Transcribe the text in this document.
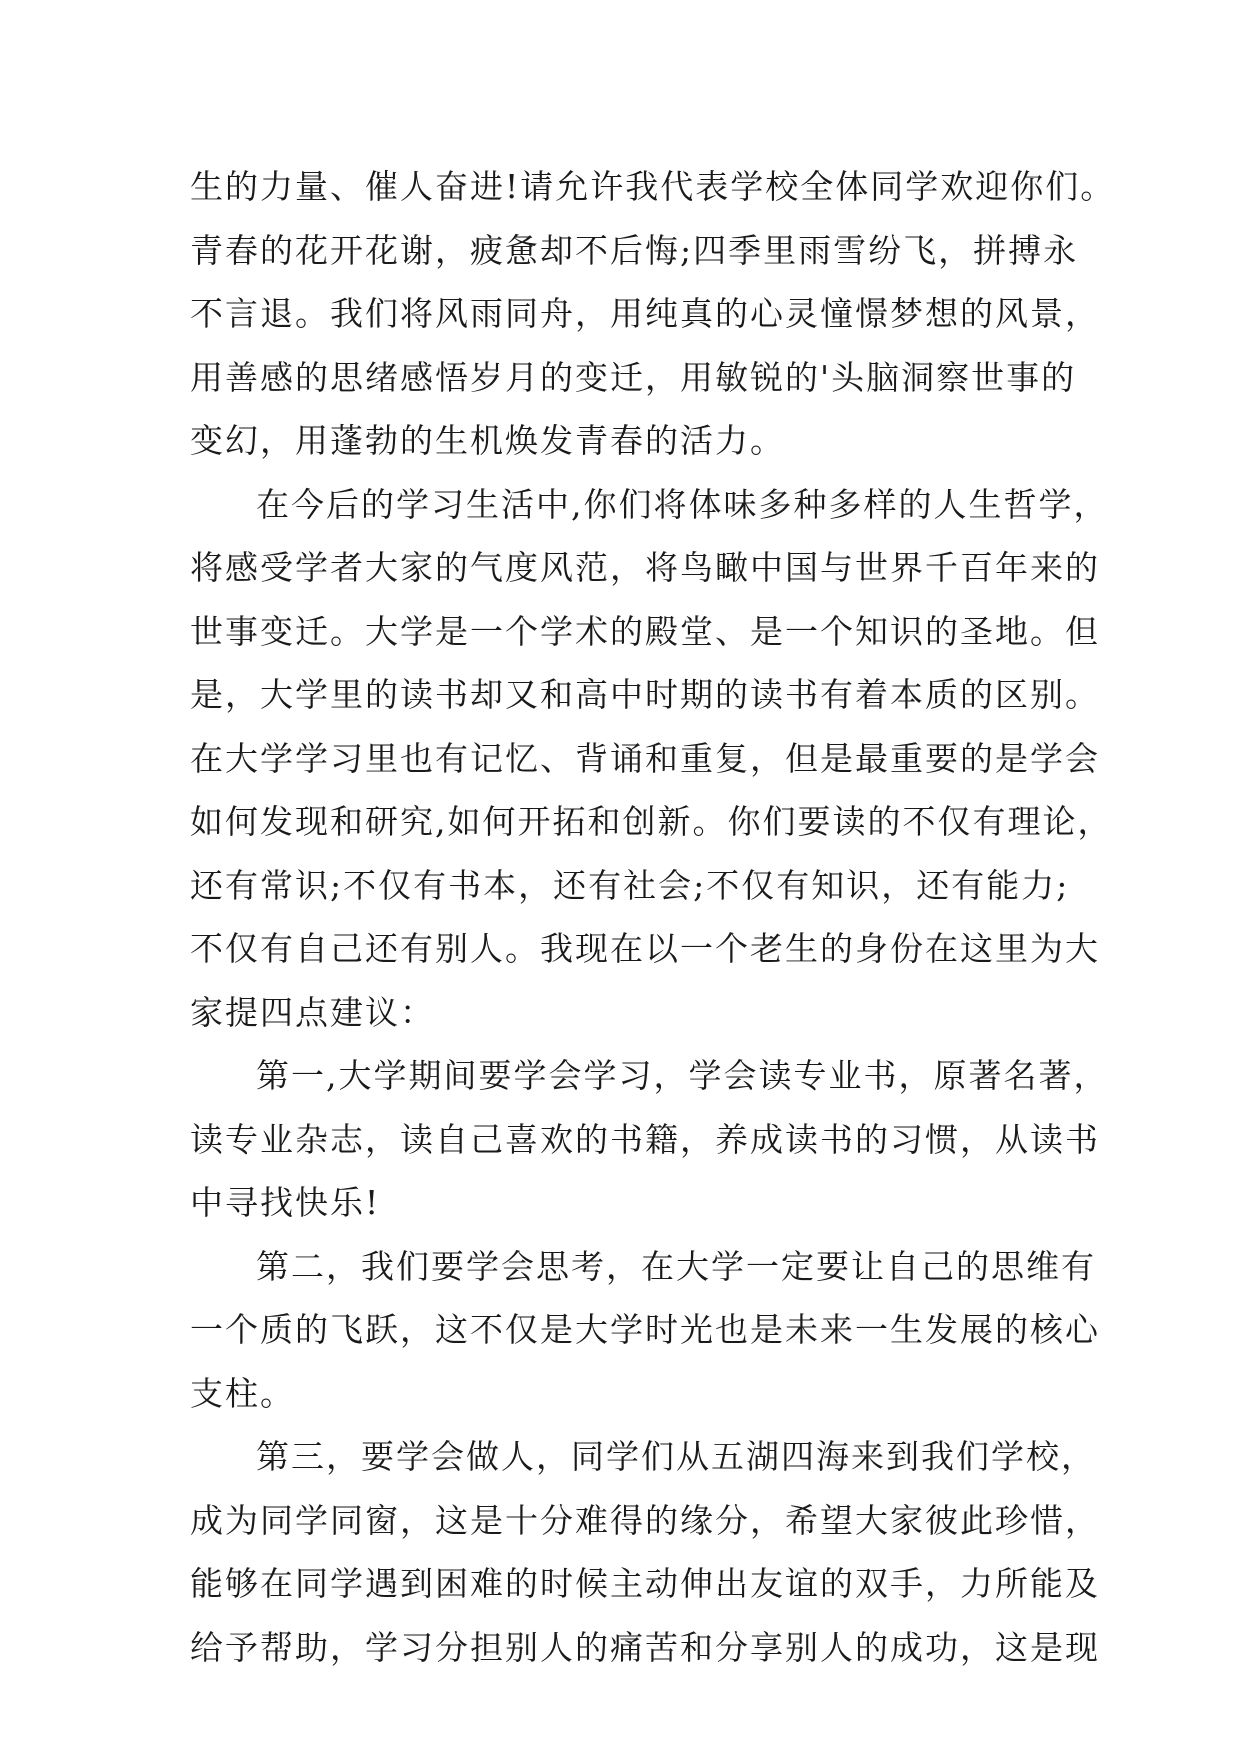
生的力量、催人奋进!请允许我代表学校全体同学欢迎你们。
青春的花开花谢，疲惫却不后悔;四季里雨雪纷飞，拼搏永
不言退。我们将风雨同舟，用纯真的心灵憧憬梦想的风景，
用善感的思绪感悟岁月的变迁，用敏锐的'头脑洞察世事的
变幻，用蓬勃的生机焕发青春的活力。
在今后的学习生活中,你们将体味多种多样的人生哲学，
将感受学者大家的气度风范，将鸟瞰中国与世界千百年来的
世事变迁。大学是一个学术的殿堂、是一个知识的圣地。但
是，大学里的读书却又和高中时期的读书有着本质的区别。
在大学学习里也有记忆、背诵和重复，但是最重要的是学会
如何发现和研究,如何开拓和创新。你们要读的不仅有理论，
还有常识;不仅有书本，还有社会;不仅有知识，还有能力;
不仅有自己还有别人。我现在以一个老生的身份在这里为大
家提四点建议：
第一,大学期间要学会学习，学会读专业书，原著名著，
读专业杂志，读自己喜欢的书籍，养成读书的习惯，从读书
中寻找快乐!
第二，我们要学会思考，在大学一定要让自己的思维有
一个质的飞跃，这不仅是大学时光也是未来一生发展的核心
支柱。
第三，要学会做人，同学们从五湖四海来到我们学校，
成为同学同窗，这是十分难得的缘分，希望大家彼此珍惜，
能够在同学遇到困难的时候主动伸出友谊的双手，力所能及
给予帮助，学习分担别人的痛苦和分享别人的成功，这是现
